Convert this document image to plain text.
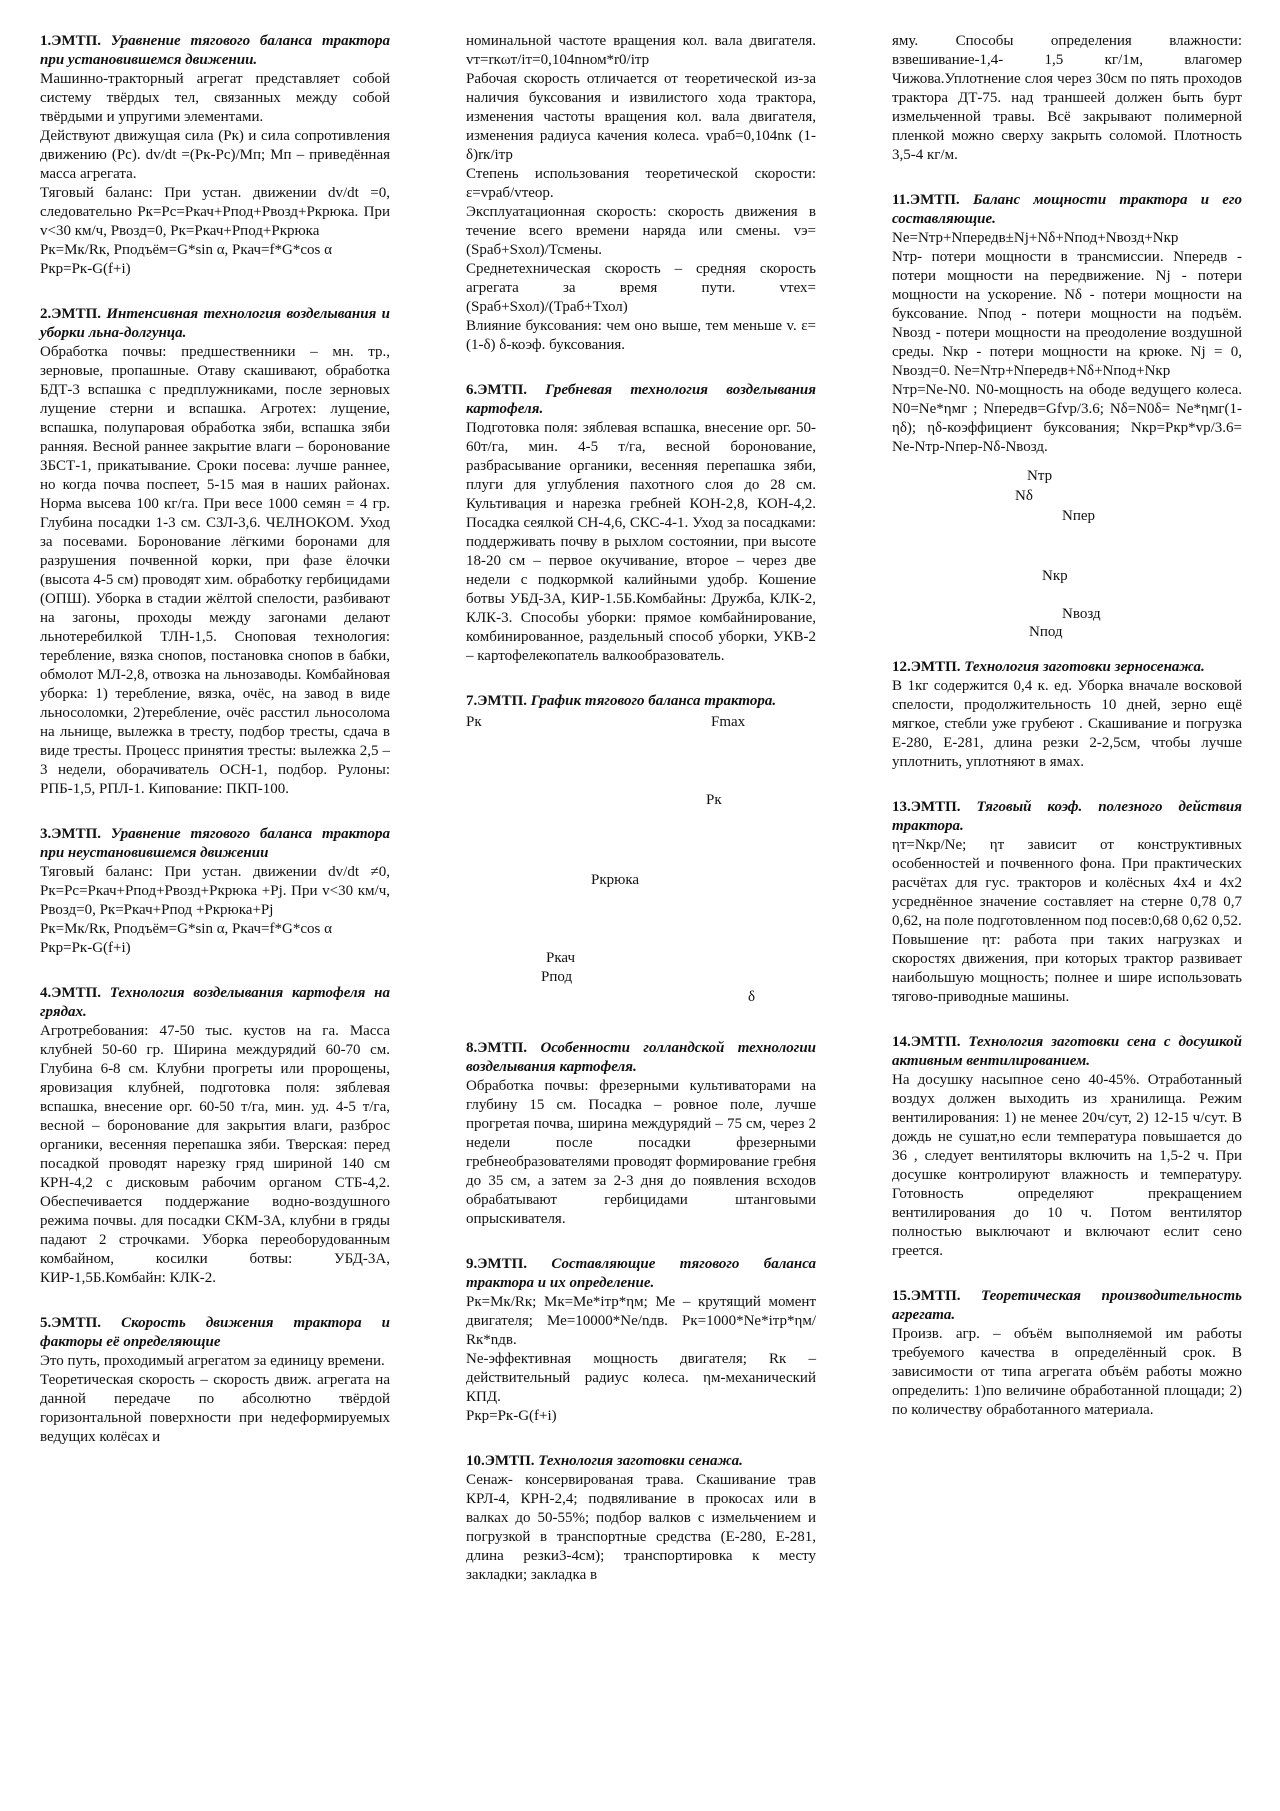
1.ЭМТП. Уравнение тягового баланса трактора при установившемся движении.

Машинно-тракторный агрегат представляет собой систему твёрдых тел, связанных между собой твёрдыми и упругими элементами.

Действуют движущая сила (Рк) и сила сопротивления движению (Рс). dv/dt =(Рк-Рс)/Мп; Мп – приведённая масса агрегата.

Тяговый баланс: При устан. движении dv/dt =0, следовательно Рк=Рс=Ркач+Рпод+Рвозд+Ркрюка. При v<30 км/ч, Рвозд=0, Рк=Ркач+Рпод+Ркрюка

Рк=Мк/Rк, Рподъём=G*sin α, Ркач=f*G*cos α

Ркр=Рк-G(f+i)

2.ЭМТП. Интенсивная технология возделывания и уборки льна-долгунца.

Обработка почвы: предшественники – мн. тр., зерновые, пропашные. Отаву скашивают, обработка БДТ-3 вспашка с предплужниками, после зерновых лущение стерни и вспашка. Агротех: лущение, вспашка, полупаровая обработка зяби, вспашка зяби ранняя. Весной раннее закрытие влаги – боронование ЗБСТ-1, прикатывание. Сроки посева: лучше раннее, но когда почва поспеет, 5-15 мая в наших районах. Норма высева 100 кг/га. При весе 1000 семян = 4 гр. Глубина посадки 1-3 см. СЗЛ-3,6. ЧЕЛНОКОМ. Уход за посевами. Боронование лёгкими боронами для разрушения почвенной корки, при фазе ёлочки (высота 4-5 см) проводят хим. обработку гербицидами (ОПШ). Уборка в стадии жёлтой спелости, разбивают на загоны, проходы между загонами делают льнотеребилкой ТЛН-1,5. Сноповая технология: теребление, вязка снопов, постановка снопов в бабки, обмолот МЛ-2,8, отвозка на льнозаводы. Комбайновая уборка: 1) теребление, вязка, очёс, на завод в виде льносоломки, 2)теребление, очёс расстил льносолома на льнище, вылежка в тресту, подбор тресты, сдача в виде тресты. Процесс принятия тресты: вылежка 2,5 – 3 недели, оборачиватель ОСН-1, подбор. Рулоны: РПБ-1,5, РПЛ-1. Кипование: ПКП-100.

3.ЭМТП. Уравнение тягового баланса трактора при неустановившемся движении

Тяговый баланс: При устан. движении dv/dt ≠0, Рк=Рс=Ркач+Рпод+Рвозд+Ркрюка +Рj. При v<30 км/ч, Рвозд=0, Рк=Ркач+Рпод +Ркрюка+Рj

Рк=Мк/Rк, Рподъём=G*sin α, Ркач=f*G*cos α

Ркр=Рк-G(f+i)

4.ЭМТП. Технология возделывания картофеля на грядах.

Агротребования: 47-50 тыс. кустов на га. Масса клубней 50-60 гр. Ширина междурядий 60-70 см. Глубина 6-8 см. Клубни прогреты или пророщены, яровизация клубней, подготовка поля: зяблевая вспашка, внесение орг. 60-50 т/га, мин. уд. 4-5 т/га, весной – боронование для закрытия влаги, разброс органики, весенняя перепашка зяби. Тверская: перед посадкой проводят нарезку гряд шириной 140 см КРН-4,2 с дисковым рабочим органом СТБ-4,2. Обеспечивается поддержание водно-воздушного режима почвы. для посадки СКМ-3А, клубни в гряды падают 2 строчками. Уборка переоборудованным комбайном, косилки ботвы: УБД-3А, КИР-1,5Б.Комбайн: КЛК-2.

5.ЭМТП. Скорость движения трактора и факторы её определяющие

Это путь, проходимый агрегатом за единицу времени.

Теоретическая скорость – скорость движ. агрегата на данной передаче по абсолютно твёрдой горизонтальной поверхности при недеформируемых ведущих колёсах и

номинальной частоте вращения кол. вала двигателя. vт=rкωт/iт=0,104nном*r0/iтр

Рабочая скорость отличается от теоретической из-за наличия буксования и извилистого хода трактора, изменения частоты вращения кол. вала двигателя, изменения радиуса качения колеса. vраб=0,104nк (1-δ)rк/iтр

Степень использования теоретической скорости: ε=vраб/vтеор.

Эксплуатационная скорость: скорость движения в течение всего времени наряда или смены. vэ=(Sраб+Sхол)/Тсмены.

Среднетехническая скорость – средняя скорость агрегата за время пути. vтех=(Sраб+Sхол)/(Траб+Тхол)

Влияние буксования: чем оно выше, тем меньше v. ε=(1-δ) δ-коэф. буксования.

6.ЭМТП. Гребневая технология возделывания картофеля.

Подготовка поля: зяблевая вспашка, внесение орг. 50-60т/га, мин. 4-5 т/га, весной боронование, разбрасывание органики, весенняя перепашка зяби, плуги для углубления пахотного слоя до 28 см. Культивация и нарезка гребней КОН-2,8, КОН-4,2. Посадка сеялкой СН-4,6, СКС-4-1. Уход за посадками: поддерживать почву в рыхлом состоянии, при высоте 18-20 см – первое окучивание, второе – через две недели с подкормкой калийными удобр. Кошение ботвы УБД-3А, КИР-1.5Б.Комбайны: Дружба, КЛК-2, КЛК-3. Способы уборки: прямое комбайнирование, комбинированное, раздельный способ уборки, УКВ-2 – картофелекопатель валкообразователь.

7.ЭМТП. График тягового баланса трактора.
Рк	Fmax
Рк
Ркрюка
Ркач
Рпод
δ
8.ЭМТП. Особенности голландской технологии возделывания картофеля.

Обработка почвы: фрезерными культиваторами на глубину 15 см. Посадка – ровное поле, лучше прогретая почва, ширина междурядий – 75 см, через 2 недели после посадки фрезерными гребнеобразователями проводят формирование гребня до 35 см, а затем за 2-3 дня до появления всходов обрабатывают гербицидами штанговыми опрыскивателя.

9.ЭМТП. Составляющие тягового баланса трактора и их определение.

Рк=Мк/Rк; Мк=Ме*iтр*ηм; Ме – крутящий момент двигателя; Ме=10000*Ne/nдв. Рк=1000*Ne*iтр*ηм/ Rк*nдв.

Ne-эффективная мощность двигателя; Rк – действительный радиус колеса. ηм-механический КПД.

Ркр=Рк-G(f+i)

10.ЭМТП. Технология заготовки сенажа.

Сенаж- консервированая трава. Скашивание трав КРЛ-4, КРН-2,4; подвяливание в прокосах или в валках до 50-55%; подбор валков с измельчением и погрузкой в транспортные средства (Е-280, Е-281, длина резки3-4см); транспортировка к месту закладки; закладка в

яму. Способы определения влажности: взвешивание-1,4- 1,5 кг/1м, влагомер Чижова.Уплотнение слоя через 30см по пять проходов трактора ДТ-75. над траншеей должен быть бурт измельченной травы. Всё закрывают полимерной пленкой можно сверху закрыть соломой. Плотность 3,5-4 кг/м.

11.ЭМТП. Баланс мощности трактора и его составляющие.

Nе=Nтр+Nпередв±Nj+Nδ+Nпод+Nвозд+Nкр

Nтр- потери мощности в трансмиссии. Nпередв - потери мощности на передвижение. Nj - потери мощности на ускорение. Nδ - потери мощности на буксование. Nпод - потери мощности на подъём. Nвозд - потери мощности на преодоление воздушной среды. Nкр - потери мощности на крюке. Nj = 0, Nвозд=0. Nе=Nтр+Nпередв+Nδ+Nпод+Nкр

Nтр=Nе-N0. N0-мощность на ободе ведущего колеса. N0=Nе*ηмг ; Nпередв=Gfvр/3.6; Nδ=N0δ= Nе*ηмг(1-ηδ); ηδ-коэффициент буксования; Nкр=Ркр*vр/3.6= Nе-Nтр-Nпер-Nδ-Nвозд.

Nтр
Nδ
Nпер
Nкр
Nвозд
Nпод
12.ЭМТП. Технология заготовки зерносенажа.

В 1кг содержится 0,4 к. ед. Уборка вначале восковой спелости, продолжительность 10 дней, зерно ещё мягкое, стебли уже грубеют . Скашивание и погрузка Е-280, Е-281, длина резки 2-2,5см, чтобы лучше уплотнить, уплотняют в ямах.

13.ЭМТП. Тяговый коэф. полезного действия трактора.

ηт=Nкр/Nе; ηт зависит от конструктивных особенностей и почвенного фона. При практических расчётах для гус. тракторов и колёсных 4х4 и 4х2 усреднённое значение составляет на стерне 0,78 0,7 0,62, на поле подготовленном под посев:0,68 0,62 0,52.

Повышение ηт: работа при таких нагрузках и скоростях движения, при которых трактор развивает наибольшую мощность; полнее и шире использовать тягово-приводные машины.

14.ЭМТП. Технология заготовки сена с досушкой активным вентилированием.

На досушку насыпное сено 40-45%. Отработанный воздух должен выходить из хранилища. Режим вентилирования: 1) не менее 20ч/сут, 2) 12-15 ч/сут. В дождь не сушат,но если температура повышается до 36 , следует вентиляторы включить на 1,5-2 ч. При досушке контролируют влажность и температуру. Готовность определяют прекращением вентилирования до 10 ч. Потом вентилятор полностью выключают и включают еслит сено греется.

15.ЭМТП. Теоретическая производительность агрегата.

Произв. агр. – объём выполняемой им работы требуемого качества в определённый срок. В зависимости от типа агрегата объём работы можно определить: 1)по величине обработанной площади; 2) по количеству обработанного материала.
